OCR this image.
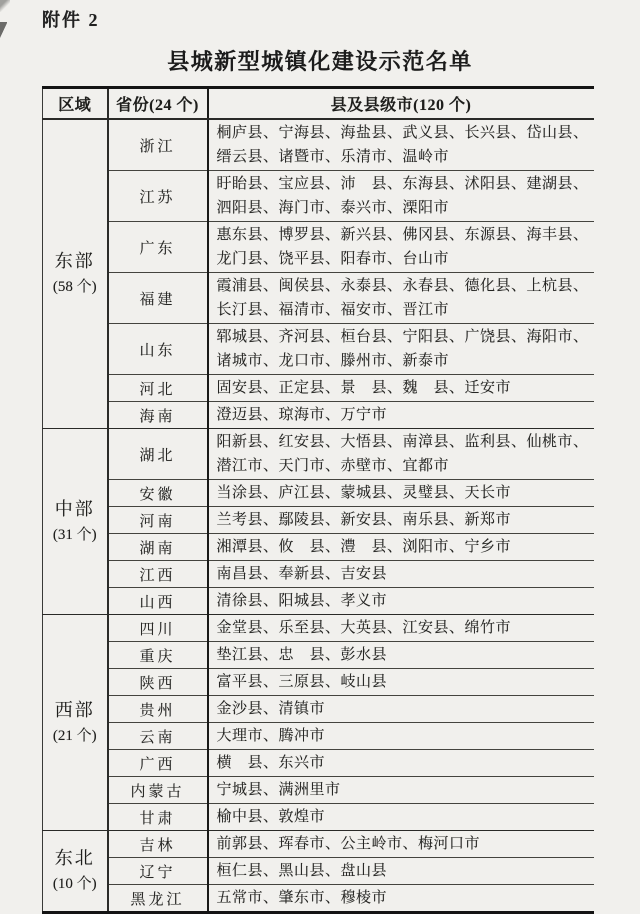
附件 2
县城新型城镇化建设示范名单
区域	省份(24 个)	县及县级市(120 个)

东部
(58 个)	浙江	桐庐县、宁海县、海盐县、武义县、长兴县、岱山县、缙云县、诸暨市、乐清市、温岭市
	江苏	盱眙县、宝应县、沛　县、东海县、沭阳县、建湖县、泗阳县、海门市、泰兴市、溧阳市
	广东	惠东县、博罗县、新兴县、佛冈县、东源县、海丰县、龙门县、饶平县、阳春市、台山市
	福建	霞浦县、闽侯县、永泰县、永春县、德化县、上杭县、长汀县、福清市、福安市、晋江市
	山东	郓城县、齐河县、桓台县、宁阳县、广饶县、海阳市、诸城市、龙口市、滕州市、新泰市
	河北	固安县、正定县、景　县、魏　县、迁安市
	海南	澄迈县、琼海市、万宁市

中部
(31 个)	湖北	阳新县、红安县、大悟县、南漳县、监利县、仙桃市、潜江市、天门市、赤壁市、宜都市
	安徽	当涂县、庐江县、蒙城县、灵璧县、天长市
	河南	兰考县、鄢陵县、新安县、南乐县、新郑市
	湖南	湘潭县、攸　县、澧　县、浏阳市、宁乡市
	江西	南昌县、奉新县、吉安县
	山西	清徐县、阳城县、孝义市

西部
(21 个)	四川	金堂县、乐至县、大英县、江安县、绵竹市
	重庆	垫江县、忠　县、彭水县
	陕西	富平县、三原县、岐山县
	贵州	金沙县、清镇市
	云南	大理市、腾冲市
	广西	横　县、东兴市
	内蒙古	宁城县、满洲里市
	甘肃	榆中县、敦煌市

东北
(10 个)	吉林	前郭县、珲春市、公主岭市、梅河口市
	辽宁	桓仁县、黑山县、盘山县
	黑龙江	五常市、肇东市、穆棱市
